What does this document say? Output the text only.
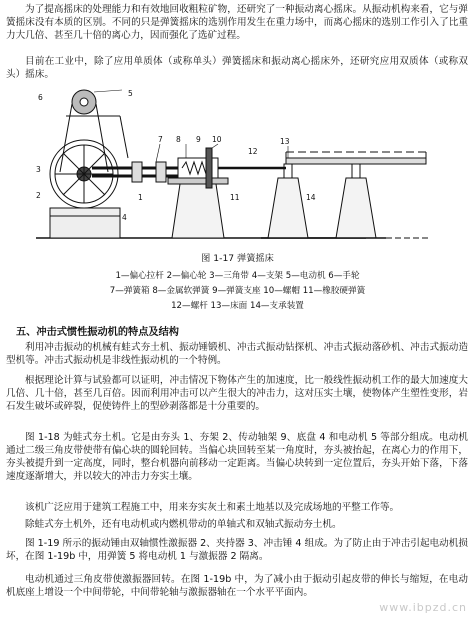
为了提高摇床的处理能力和有效地回收粗粒矿物，还研究了一种振动离心摇床。从振动机构来看，它与弹簧摇床没有本质的区别。不同的只是弹簧摇床的选别作用发生在重力场中，而离心摇床的选别工作引入了比重力大几倍、甚至几十倍的离心力，因而强化了选矿过程。

目前在工业中，除了应用单质体（或称单头）弹簧摇床和振动离心摇床外，还研究应用双质体（或称双头）摇床。

5
6
3
2	1
4
7 8 9 10
11
12
13
14
图 1-17 弹簧摇床
1—偏心拉杆 2—偏心轮 3—三角带 4—支架 5—电动机 6—手轮
7—弹簧箱 8—金属软弹簧 9—弹簧支座 10—螺帽 11—橡胶硬弹簧
12—螺杆 13—床面 14—支承装置
五、冲击式惯性振动机的特点及结构

利用冲击振动的机械有蛙式夯土机、振动锤锻机、冲击式振动钻探机、冲击式振动落砂机、冲击式振动造型机等。冲击式振动机是非线性振动机的一个特例。

根据理论计算与试验都可以证明，冲击情况下物体产生的加速度，比一般线性振动机工作的最大加速度大几倍、几十倍，甚至几百倍。因而利用冲击可以产生很大的冲击力，这对压实土壤，使物体产生塑性变形，岩石发生破坏或碎裂，促使铸件上的型砂剥落都是十分重要的。

图 1-18 为蛙式夯土机。它是由夯头 1、夯架 2、传动轴架 9、底盘 4 和电动机 5 等部分组成。电动机通过二级三角皮带使带有偏心块的圆轮回转。当偏心块回转至某一角度时，夯头被抬起，在离心力的作用下，夯头被提升到一定高度，同时，整台机器向前移动一定距离。当偏心块转到一定位置后，夯头开始下落，下落速度逐渐增大，并以较大的冲击力夯实土壤。

该机广泛应用于建筑工程施工中，用来夯实灰土和素土地基以及完成场地的平整工作等。

除蛙式夯土机外，还有电动机或内燃机带动的单轴式和双轴式振动夯土机。

图 1-19 所示的振动锤由双轴惯性激振器 2、夹持器 3、冲击锤 4 组成。为了防止由于冲击引起电动机损坏，在图 1-19b 中，用弹簧 5 将电动机 1 与激振器 2 隔离。

电动机通过三角皮带使激振器回转。在图 1-19b 中，为了减小由于振动引起皮带的伸长与缩短，在电动机底座上增设一个中间带轮，中间带轮轴与激振器轴在一个水平平面内。

www.ibpzd.cn
